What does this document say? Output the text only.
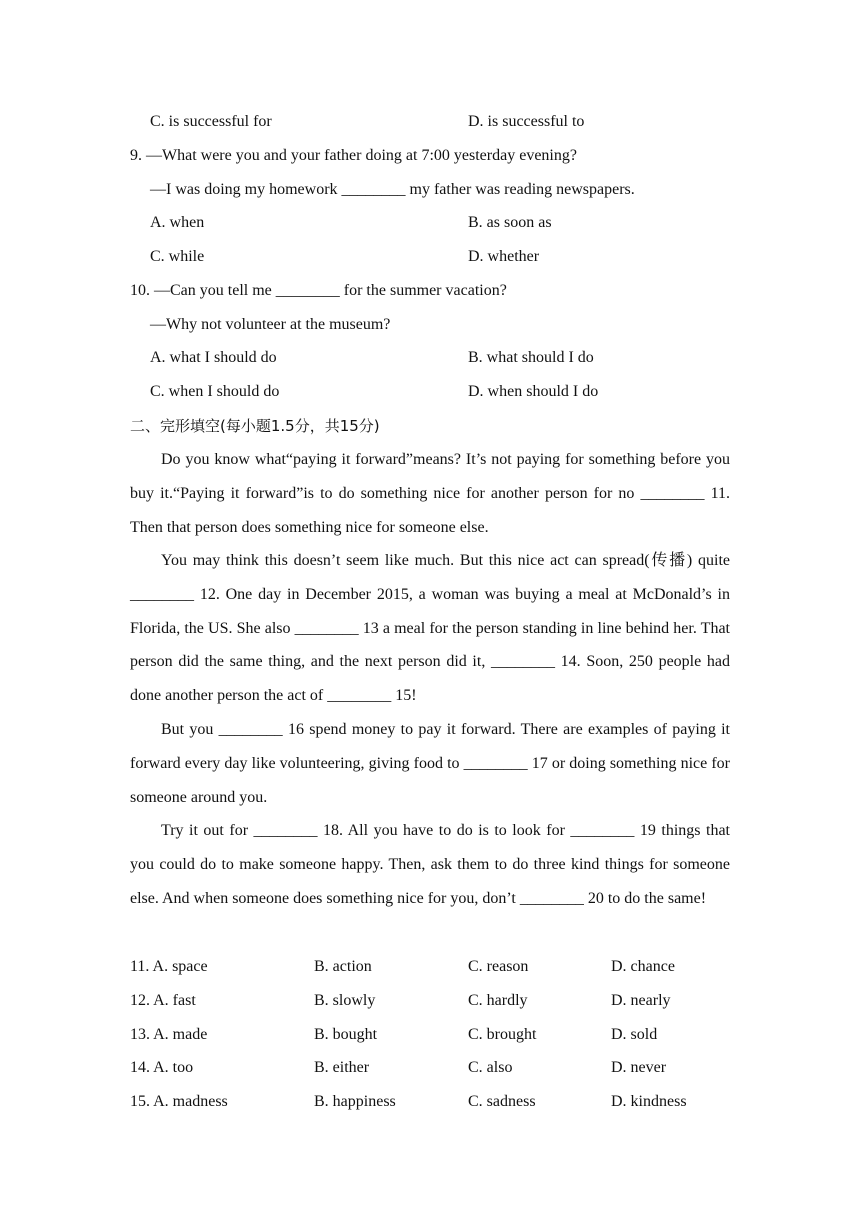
C. is successful for	D. is successful to
9. —What were you and your father doing at 7:00 yesterday evening?
—I was doing my homework ________ my father was reading newspapers.
A. when	B. as soon as
C. while	D. whether
10. —Can you tell me ________ for the summer vacation?
—Why not volunteer at the museum?
A. what I should do	B. what should I do
C. when I should do	D. when should I do
二、完形填空(每小题1.5分，共15分)
Do you know what“paying it forward”means? It’s not paying for something before you buy it.“Paying it forward”is to do something nice for another person for no ________ 11. Then that person does something nice for someone else.
You may think this doesn’t seem like much. But this nice act can spread(传播) quite ________ 12. One day in December 2015, a woman was buying a meal at McDonald’s in Florida, the US. She also ________ 13 a meal for the person standing in line behind her. That person did the same thing, and the next person did it, ________ 14. Soon, 250 people had done another person the act of ________ 15!
But you ________ 16 spend money to pay it forward. There are examples of paying it forward every day like volunteering, giving food to ________ 17 or doing something nice for someone around you.
Try it out for ________ 18. All you have to do is to look for ________ 19 things that you could do to make someone happy. Then, ask them to do three kind things for someone else. And when someone does something nice for you, don’t ________ 20 to do the same!
11. A. space	B. action	C. reason	D. chance
12. A. fast	B. slowly	C. hardly	D. nearly
13. A. made	B. bought	C. brought	D. sold
14. A. too	B. either	C. also	D. never
15. A. madness	B. happiness	C. sadness	D. kindness
